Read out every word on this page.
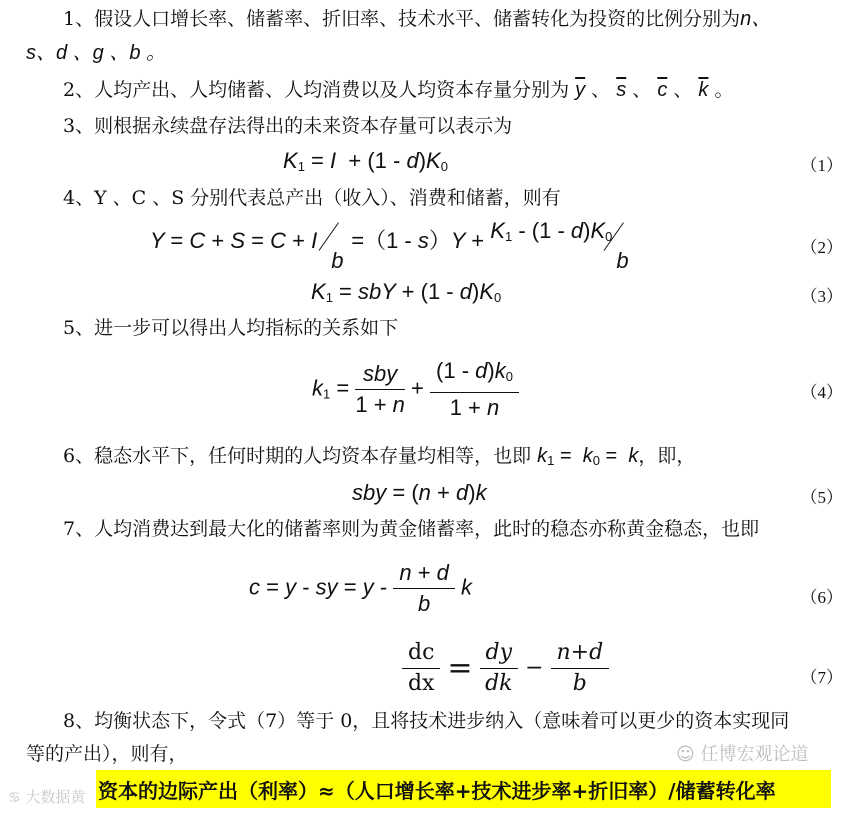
1、假设人口增长率、储蓄率、折旧率、技术水平、储蓄转化为投资的比例分别为n、
s、d 、g 、b 。
2、人均产出、人均储蓄、人均消费以及人均资本存量分别为 $\overline{y}$ 、 $\overline{s}$ 、 $\overline{c}$ 、 $\overline{k}$ 。
3、则根据永续盘存法得出的未来资本存量可以表示为
$K_1 = I + (1 - d)K_0$	（1）
4、Y 、C 、S 分别代表总产出（收入）、消费和储蓄，则有
Y = C + S = C + I
b
$=(1 - s)Y + K_1 - (1 - d)K_0$
b
（2）
$K_1$ = sbY + $(1 - d)K_0$	（3）
5、进一步可以得出人均指标的关系如下
$k_1 = \frac{\text{sby}}{1 + n} + \frac{(1 - d)k_0}{1 + n}$	（4）
6、稳态水平下，任何时期的人均资本存量均相等，也即 $k_1 = k_0 = k$，即，
sby = (n + d)k	（5）
7、人均消费达到最大化的储蓄率则为黄金储蓄率，此时的稳态亦称黄金稳态，也即
c = y - sy = y - $\frac{n + d}{b}$ k	（6）
$\frac{dc}{dx} = \frac{dy}{dk} - \frac{n+d}{b}$	（7）
8、均衡状态下，令式（7）等于 0，且将技术进步纳入（意味着可以更少的资本实现同
等的产出），则有，
资本的边际产出（利率）≈（人口增长率+技术进步率+折旧率）/储蓄转化率
♋ 大数据黄
☺ 任博宏观论道
